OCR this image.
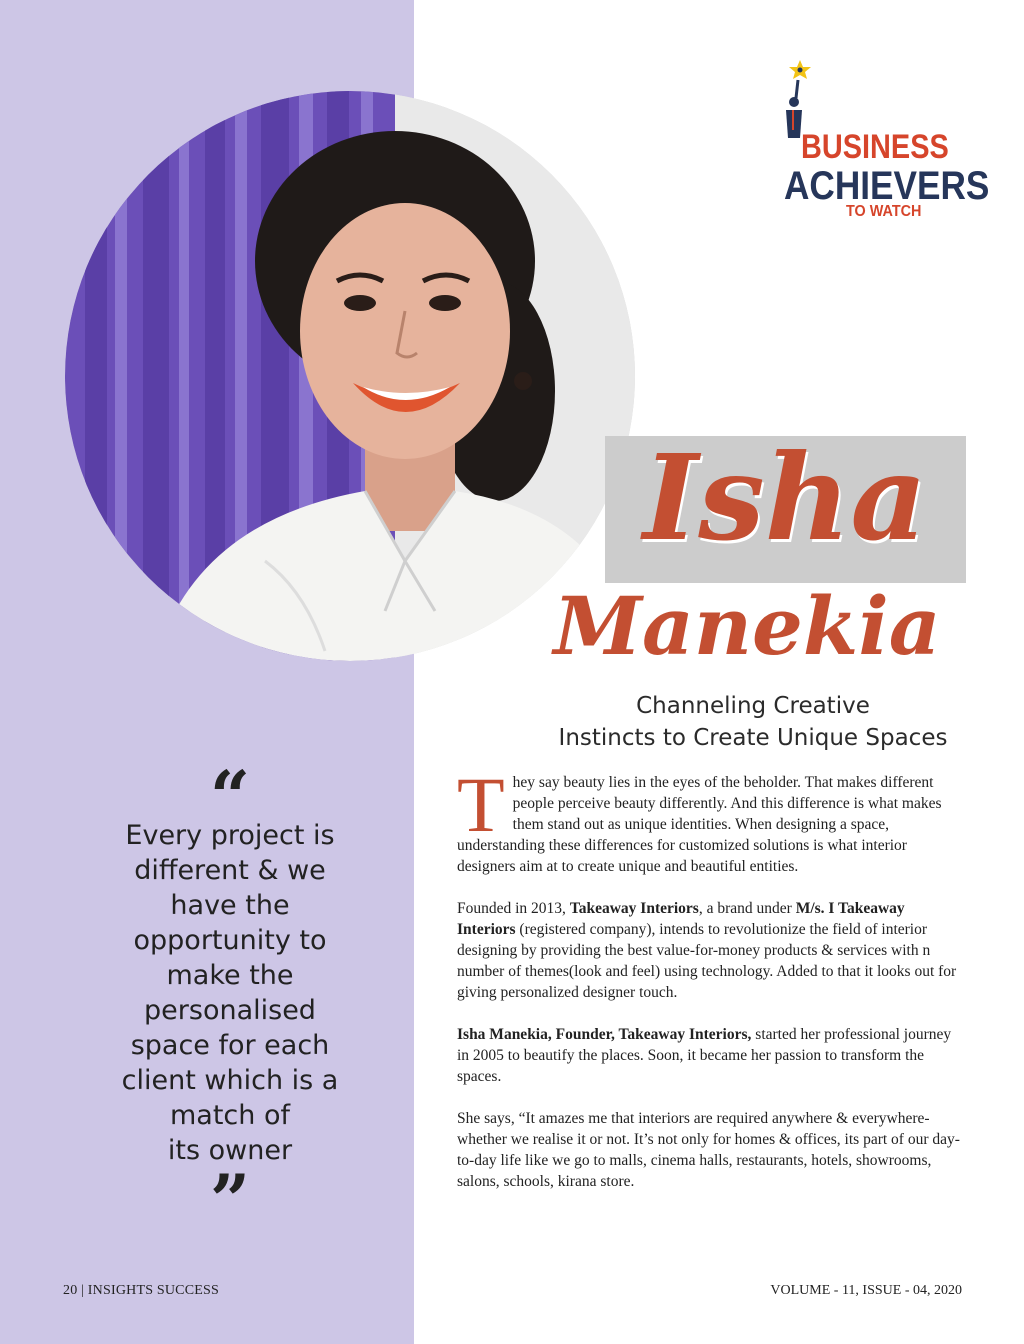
BUSINESS
ACHIEVERS
TO WATCH
Isha
Manekia
Channeling Creative
Instincts to Create Unique Spaces
“
Every project is
different & we
have the
opportunity to
make the
personalised
space for each
client which is a
match of
its owner
”

They say beauty lies in the eyes of the beholder. That makes different people perceive beauty differently. And this difference is what makes them stand out as unique identities. When designing a space, understanding these differences for customized solutions is what interior designers aim at to create unique and beautiful entities.

Founded in 2013, Takeaway Interiors, a brand under M/s. I Takeaway Interiors (registered company), intends to revolutionize the field of interior designing by providing the best value-for-money products & services with n number of themes(look and feel) using technology. Added to that it looks out for giving personalized designer touch.

Isha Manekia, Founder, Takeaway Interiors, started her professional journey in 2005 to beautify the places. Soon, it became her passion to transform the spaces.

She says, “It amazes me that interiors are required anywhere & everywhere- whether we realise it or not. It’s not only for homes & offices, its part of our day-to-day life like we go to malls, cinema halls, restaurants, hotels, showrooms, salons, schools, kirana store.

20 | INSIGHTS SUCCESS	VOLUME - 11, ISSUE - 04, 2020
